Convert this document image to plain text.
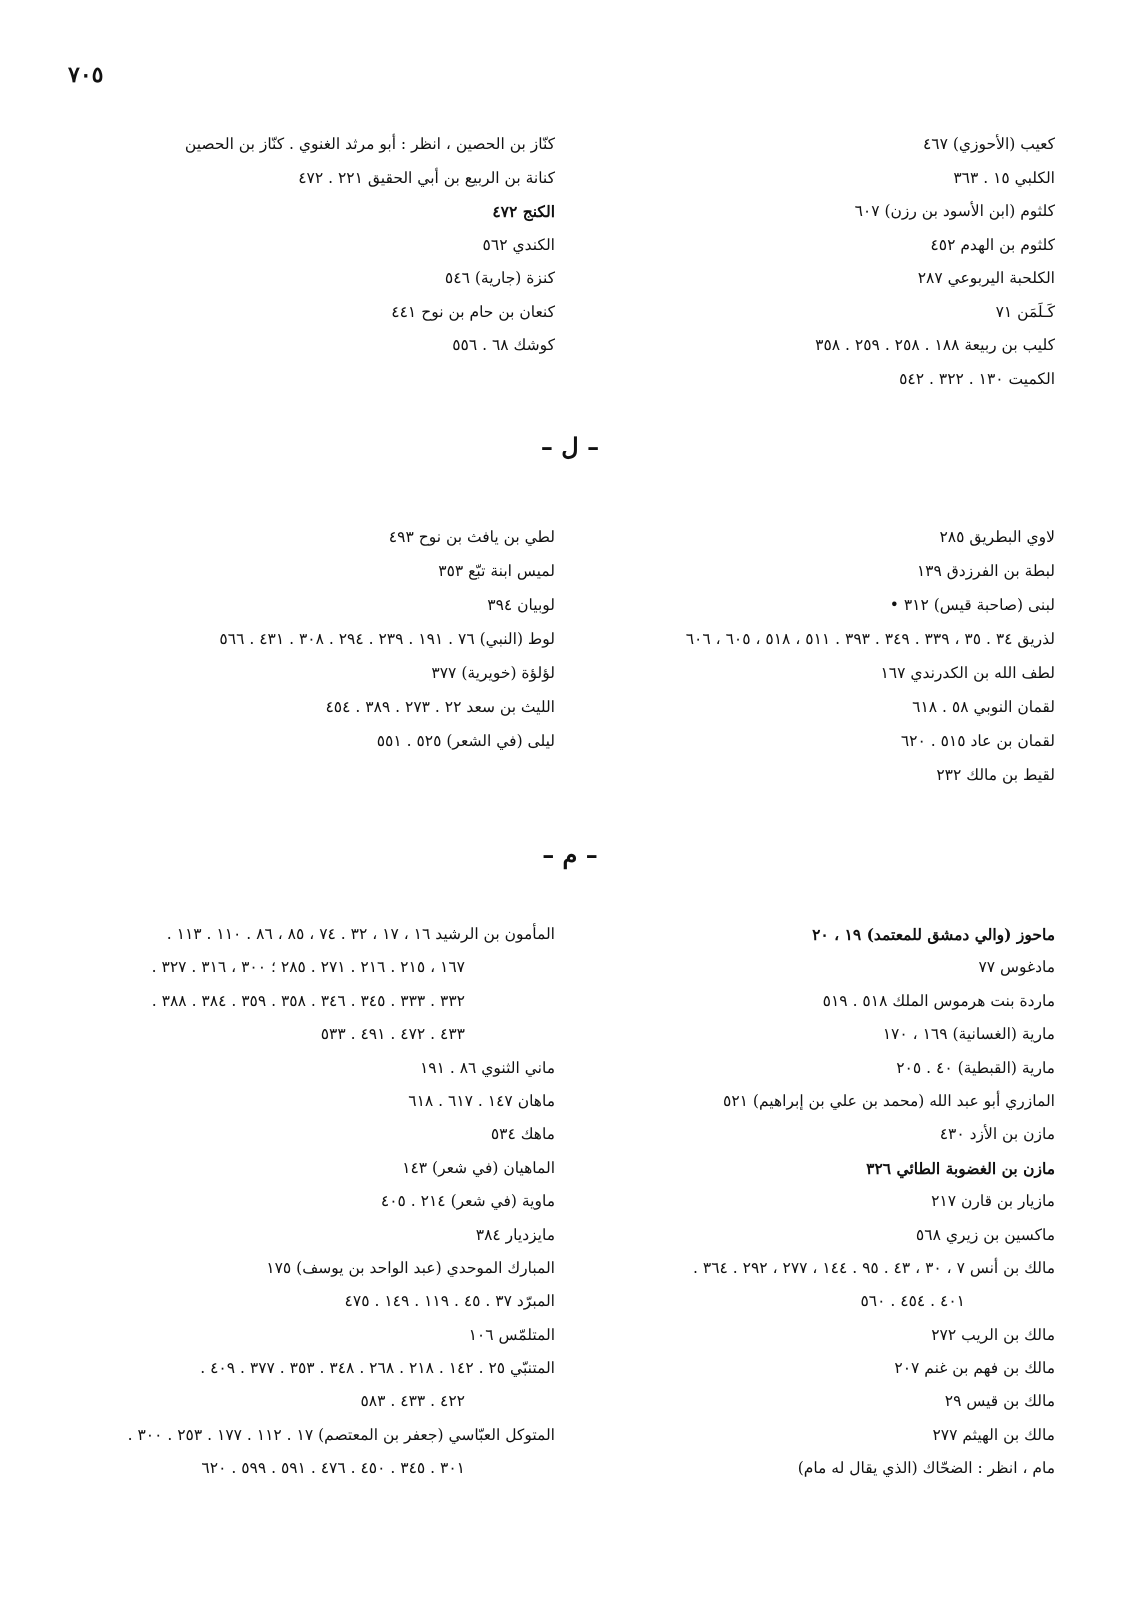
٧٠٥
كعيب (الأحوزي) ٤٦٧
الكلبي ١٥ . ٣٦٣
كلثوم (ابن الأسود بن رزن) ٦٠٧
كلثوم بن الهدم ٤٥٢
الكلحبة اليربوعي ٢٨٧
كَـلَمَن ٧١
كليب بن ربيعة ١٨٨ . ٢٥٨ . ٢٥٩ . ٣٥٨
الكميت ١٣٠ . ٣٢٢ . ٥٤٢
كنّاز بن الحصين ، انظر : أبو مرثد الغنوي . كنّاز بن الحصين
كنانة بن الربيع بن أبي الحقيق ٢٢١ . ٤٧٢
الكنج ٤٧٢
الكندي ٥٦٢
كنزة (جارية) ٥٤٦
كنعان بن حام بن نوح ٤٤١
كوشك ٦٨ . ٥٥٦
– ل –
لاوي البطريق ٢٨٥
لبطة بن الفرزدق ١٣٩
لبنى (صاحبة قيس) ٣١٢ •
لذريق ٣٤ . ٣٥ ، ٣٣٩ . ٣٤٩ . ٣٩٣ . ٥١١ ، ٥١٨ ، ٦٠٥ ، ٦٠٦
لطف الله بن الكدرندي ١٦٧
لقمان النوبي ٥٨ . ٦١٨
لقمان بن عاد ٥١٥ . ٦٢٠
لقيط بن مالك ٢٣٢
لطي بن يافث بن نوح ٤٩٣
لميس ابنة تبّع ٣٥٣
لوبيان ٣٩٤
لوط (النبي) ٧٦ . ١٩١ . ٢٣٩ . ٢٩٤ . ٣٠٨ . ٤٣١ . ٥٦٦
لؤلؤة (خويرية) ٣٧٧
الليث بن سعد ٢٢ . ٢٧٣ . ٣٨٩ . ٤٥٤
ليلى (في الشعر) ٥٢٥ . ٥٥١
– م –
ماحوز (والي دمشق للمعتمد) ١٩ ، ٢٠
مادغوس ٧٧
ماردة بنت هرموس الملك ٥١٨ . ٥١٩
مارية (الغسانية) ١٦٩ ، ١٧٠
مارية (القبطية) ٤٠ . ٢٠٥
المازري أبو عبد الله (محمد بن علي بن إبراهيم) ٥٢١
مازن بن الأزد ٤٣٠
مازن بن الغضوبة الطائي ٣٢٦
مازيار بن قارن ٢١٧
ماكسين بن زيري ٥٦٨
مالك بن أنس ٧ ، ٣٠ ، ٤٣ . ٩٥ . ١٤٤ ، ٢٧٧ ، ٢٩٢ . ٣٦٤ .
٤٠١ . ٤٥٤ . ٥٦٠
مالك بن الريب ٢٧٢
مالك بن فهم بن غنم ٢٠٧
مالك بن قيس ٢٩
مالك بن الهيثم ٢٧٧
مام ، انظر : الضحّاك (الذي يقال له مام)
المأمون بن الرشيد ١٦ ، ١٧ ، ٣٢ . ٧٤ ، ٨٥ ، ٨٦ . ١١٠ . ١١٣ .
١٦٧ ، ٢١٥ . ٢١٦ . ٢٧١ . ٢٨٥ ؛ ٣٠٠ ، ٣١٦ . ٣٢٧ .
٣٣٢ . ٣٣٣ . ٣٤٥ . ٣٤٦ . ٣٥٨ . ٣٥٩ . ٣٨٤ . ٣٨٨ .
٤٣٣ . ٤٧٢ . ٤٩١ . ٥٣٣
ماني الثنوي ٨٦ . ١٩١
ماهان ١٤٧ . ٦١٧ . ٦١٨
ماهك ٥٣٤
الماهيان (في شعر) ١٤٣
ماوية (في شعر) ٢١٤ . ٤٠٥
مايزديار ٣٨٤
المبارك الموحدي (عبد الواحد بن يوسف) ١٧٥
المبرّد ٣٧ . ٤٥ . ١١٩ . ١٤٩ . ٤٧٥
المتلمّس ١٠٦
المتنبّي ٢٥ . ١٤٢ . ٢١٨ . ٢٦٨ . ٣٤٨ . ٣٥٣ . ٣٧٧ . ٤٠٩ .
٤٢٢ . ٤٣٣ . ٥٨٣
المتوكل العبّاسي (جعفر بن المعتصم) ١٧ . ١١٢ . ١٧٧ . ٢٥٣ . ٣٠٠ .
٣٠١ . ٣٤٥ . ٤٥٠ . ٤٧٦ . ٥٩١ . ٥٩٩ . ٦٢٠
